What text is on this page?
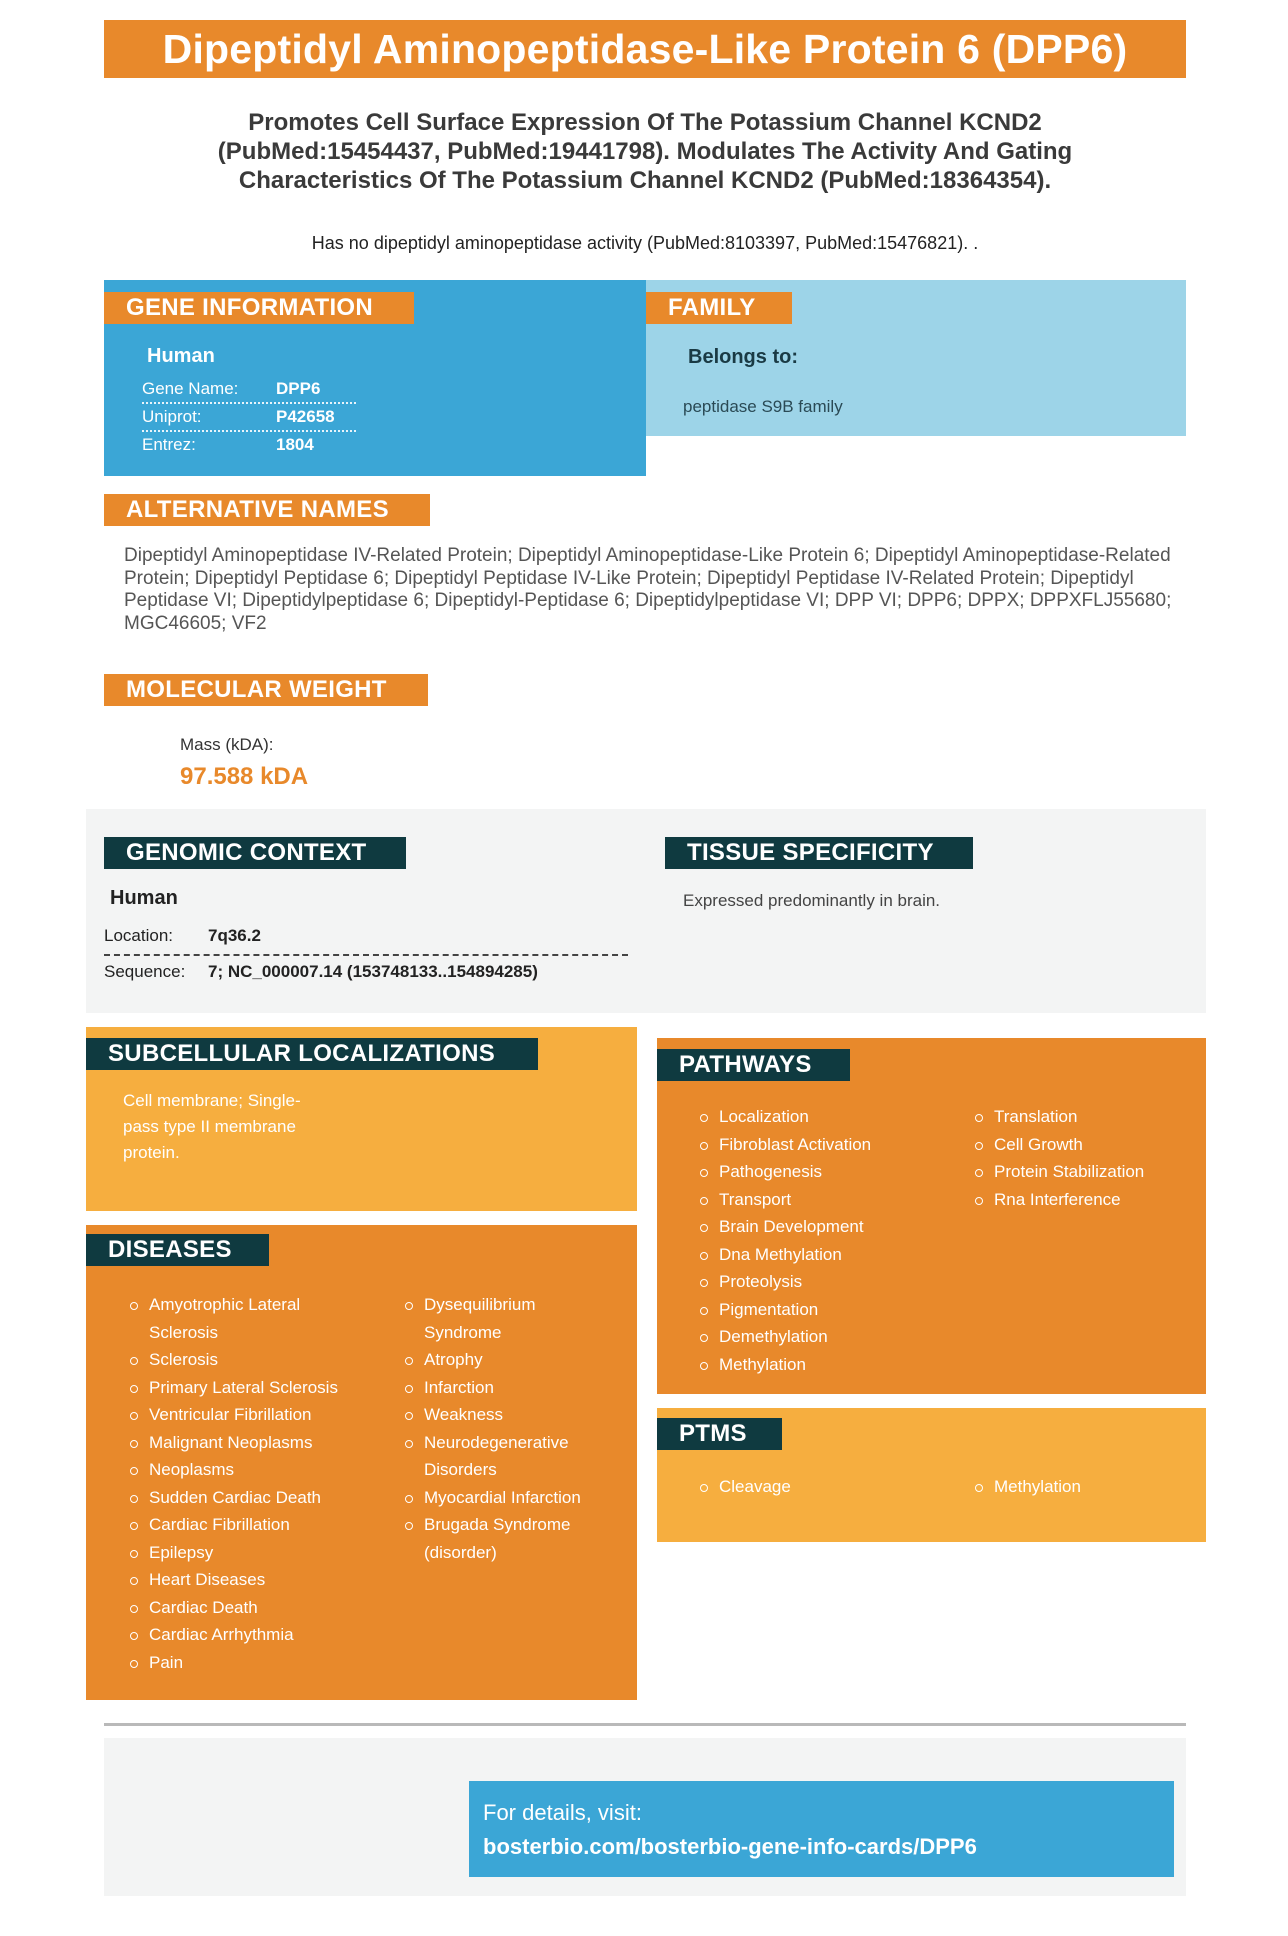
Dipeptidyl Aminopeptidase-Like Protein 6 (DPP6)
Promotes Cell Surface Expression Of The Potassium Channel KCND2 (PubMed:15454437, PubMed:19441798). Modulates The Activity And Gating Characteristics Of The Potassium Channel KCND2 (PubMed:18364354).
Has no dipeptidyl aminopeptidase activity (PubMed:8103397, PubMed:15476821). .
GENE INFORMATION
Human
Gene Name: DPP6
Uniprot:	P42658
Entrez:	1804
FAMILY
Belongs to:
peptidase S9B family
ALTERNATIVE NAMES
Dipeptidyl Aminopeptidase IV-Related Protein; Dipeptidyl Aminopeptidase-Like Protein 6; Dipeptidyl Aminopeptidase-Related Protein; Dipeptidyl Peptidase 6; Dipeptidyl Peptidase IV-Like Protein; Dipeptidyl Peptidase IV-Related Protein; Dipeptidyl Peptidase VI; Dipeptidylpeptidase 6; Dipeptidyl-Peptidase 6; Dipeptidylpeptidase VI; DPP VI; DPP6; DPPX; DPPXFLJ55680; MGC46605; VF2
MOLECULAR WEIGHT
Mass (kDA):
97.588 kDA
GENOMIC CONTEXT
Human
Location: 7q36.2
Sequence: 7; NC_000007.14 (153748133..154894285)
TISSUE SPECIFICITY
Expressed predominantly in brain.
SUBCELLULAR LOCALIZATIONS
Cell membrane; Single-pass type II membrane protein.
DISEASES
Amyotrophic Lateral Sclerosis
Sclerosis
Primary Lateral Sclerosis
Ventricular Fibrillation
Malignant Neoplasms
Neoplasms
Sudden Cardiac Death
Cardiac Fibrillation
Epilepsy
Heart Diseases
Cardiac Death
Cardiac Arrhythmia
Pain
Dysequilibrium Syndrome
Atrophy
Infarction
Weakness
Neurodegenerative Disorders
Myocardial Infarction
Brugada Syndrome (disorder)
PATHWAYS
Localization
Fibroblast Activation
Pathogenesis
Transport
Brain Development
Dna Methylation
Proteolysis
Pigmentation
Demethylation
Methylation
Translation
Cell Growth
Protein Stabilization
Rna Interference
PTMS
Cleavage	Methylation
For details, visit:
bosterbio.com/bosterbio-gene-info-cards/DPP6
